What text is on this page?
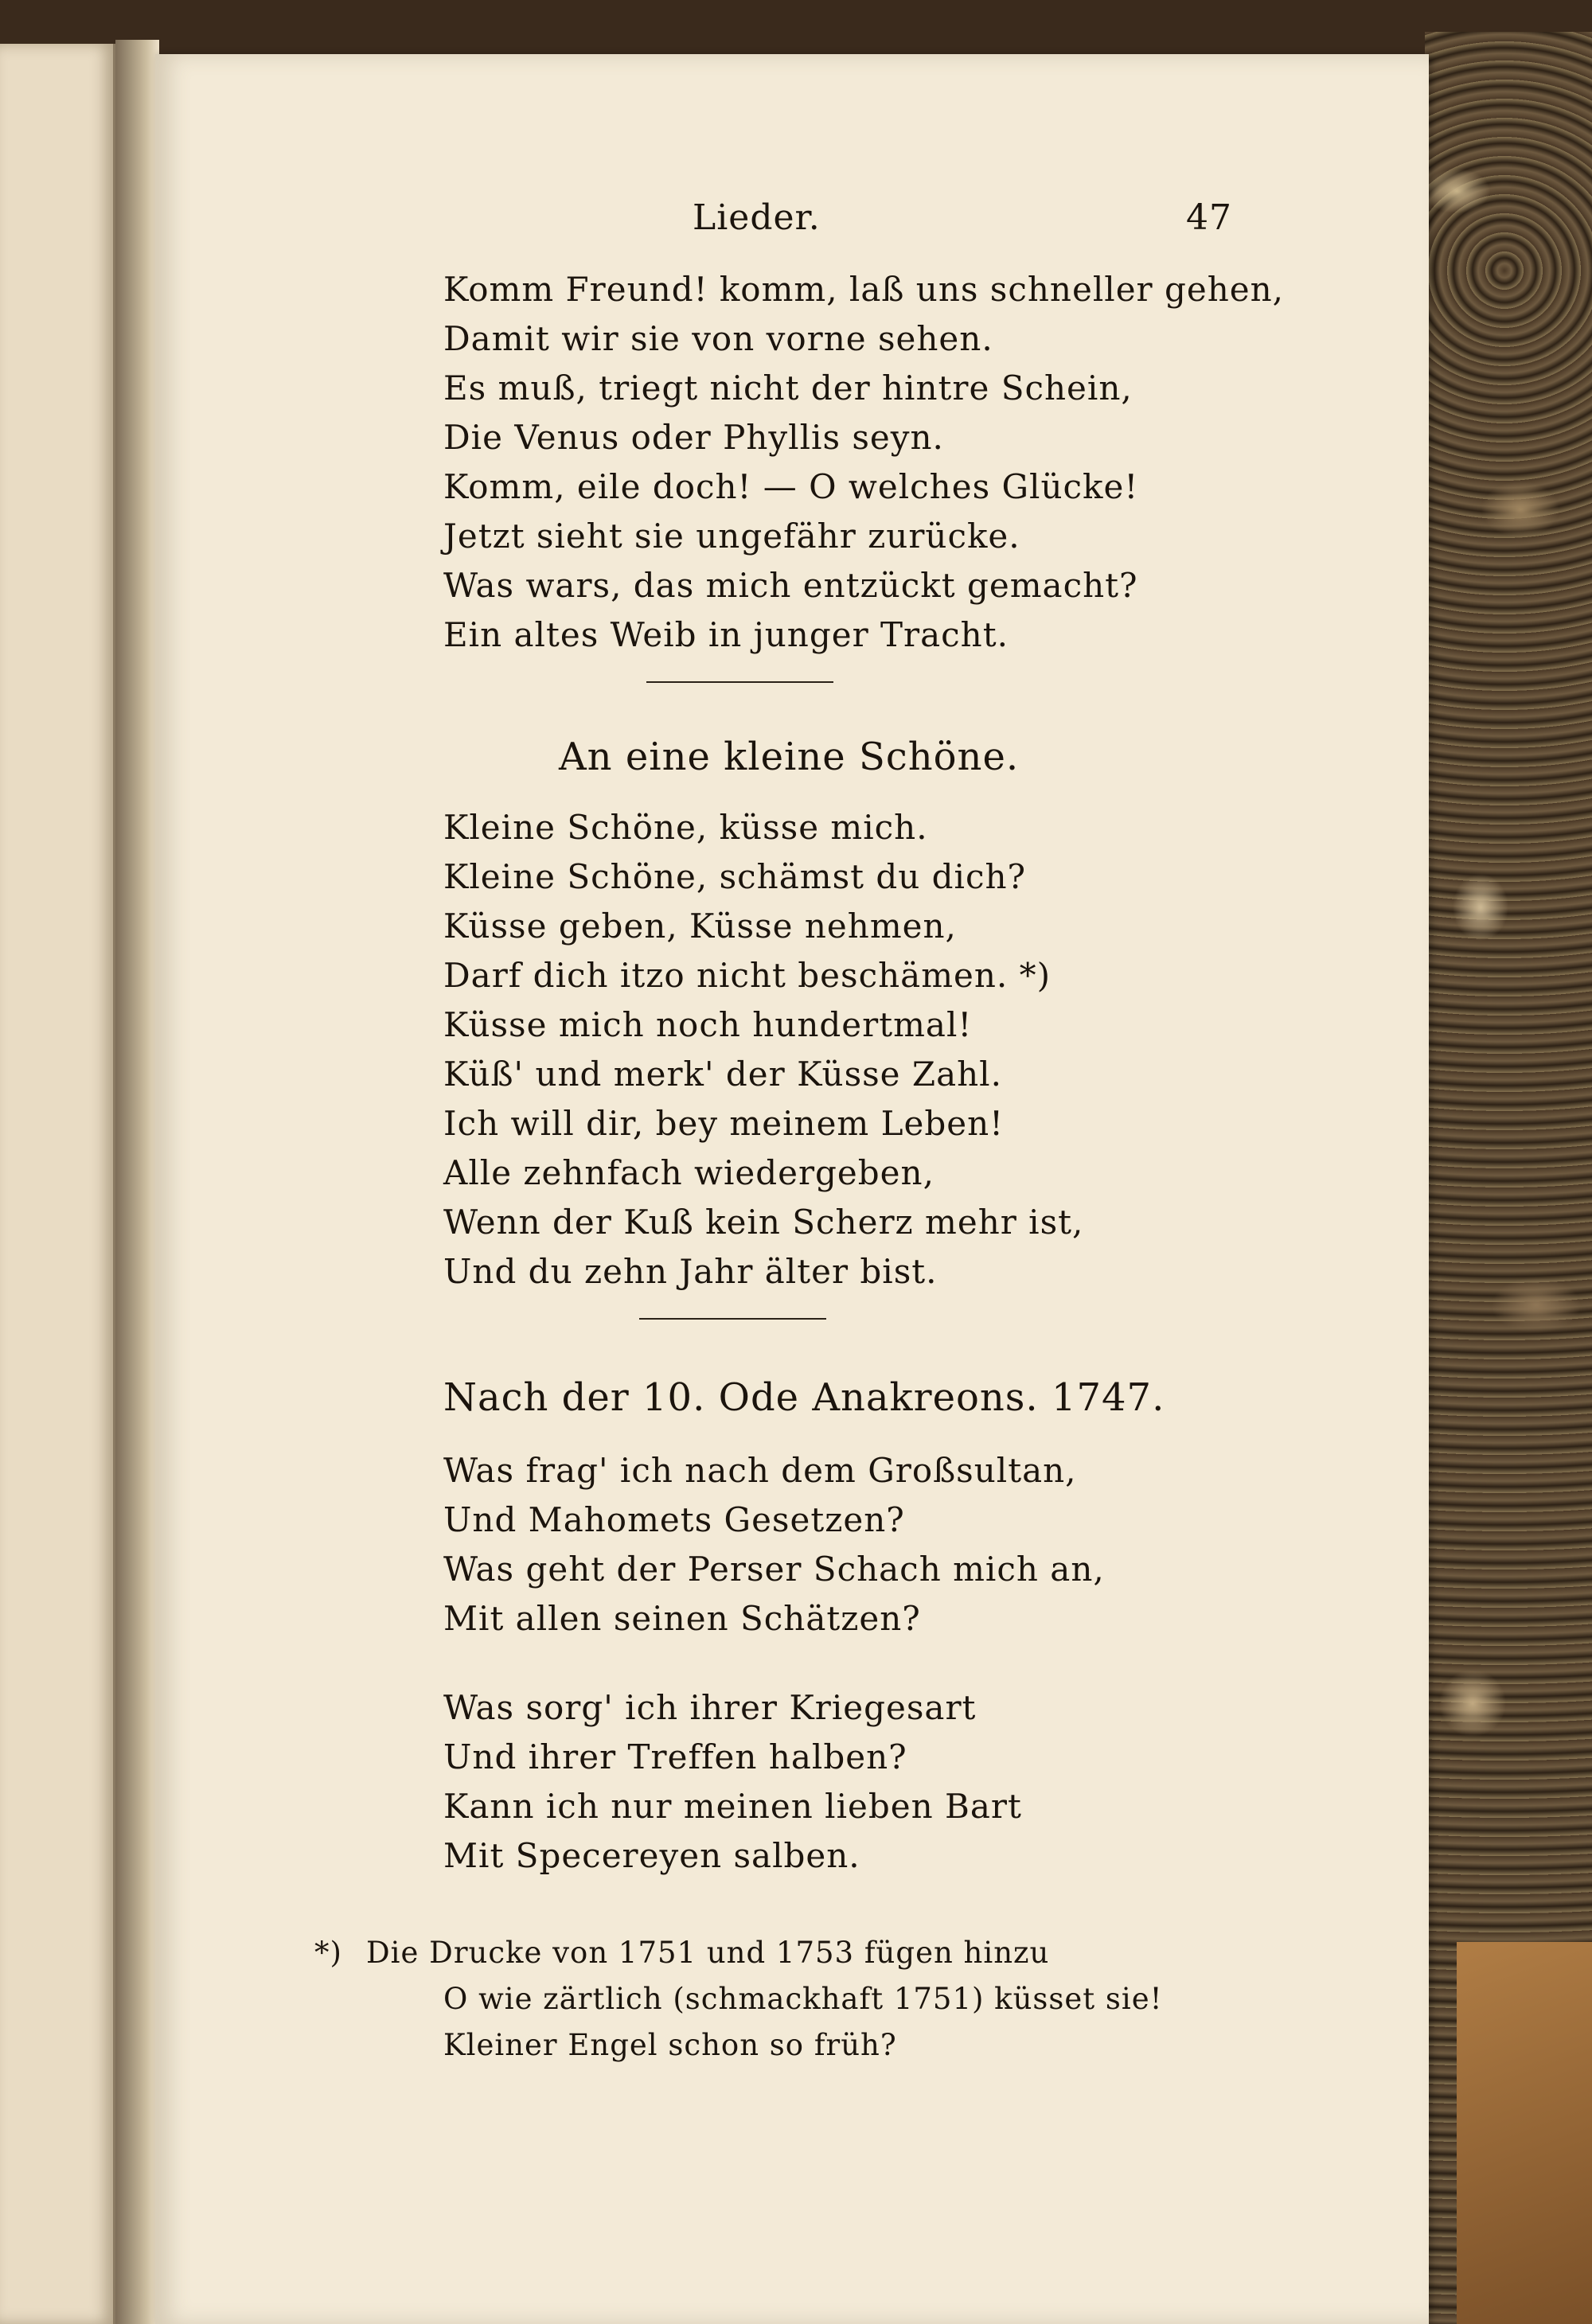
Lieder.	47
Komm Freund! komm, laß uns schneller gehen,
Damit wir sie von vorne sehen.
Es muß, triegt nicht der hintre Schein,
Die Venus oder Phyllis seyn.
Komm, eile doch! — O welches Glücke!
Jetzt sieht sie ungefähr zurücke.
Was wars, das mich entzückt gemacht?
Ein altes Weib in junger Tracht.
An eine kleine Schöne.
Kleine Schöne, küsse mich.
Kleine Schöne, schämst du dich?
Küsse geben, Küsse nehmen,
Darf dich itzo nicht beschämen. *)
Küsse mich noch hundertmal!
Küß' und merk' der Küsse Zahl.
Ich will dir, bey meinem Leben!
Alle zehnfach wiedergeben,
Wenn der Kuß kein Scherz mehr ist,
Und du zehn Jahr älter bist.
Nach der 10. Ode Anakreons. 1747.
Was frag' ich nach dem Großsultan,
Und Mahomets Gesetzen?
Was geht der Perser Schach mich an,
Mit allen seinen Schätzen?
Was sorg' ich ihrer Kriegesart
Und ihrer Treffen halben?
Kann ich nur meinen lieben Bart
Mit Specereyen salben.
*) Die Drucke von 1751 und 1753 fügen hinzu
O wie zärtlich (schmackhaft 1751) küsset sie!
Kleiner Engel schon so früh?
